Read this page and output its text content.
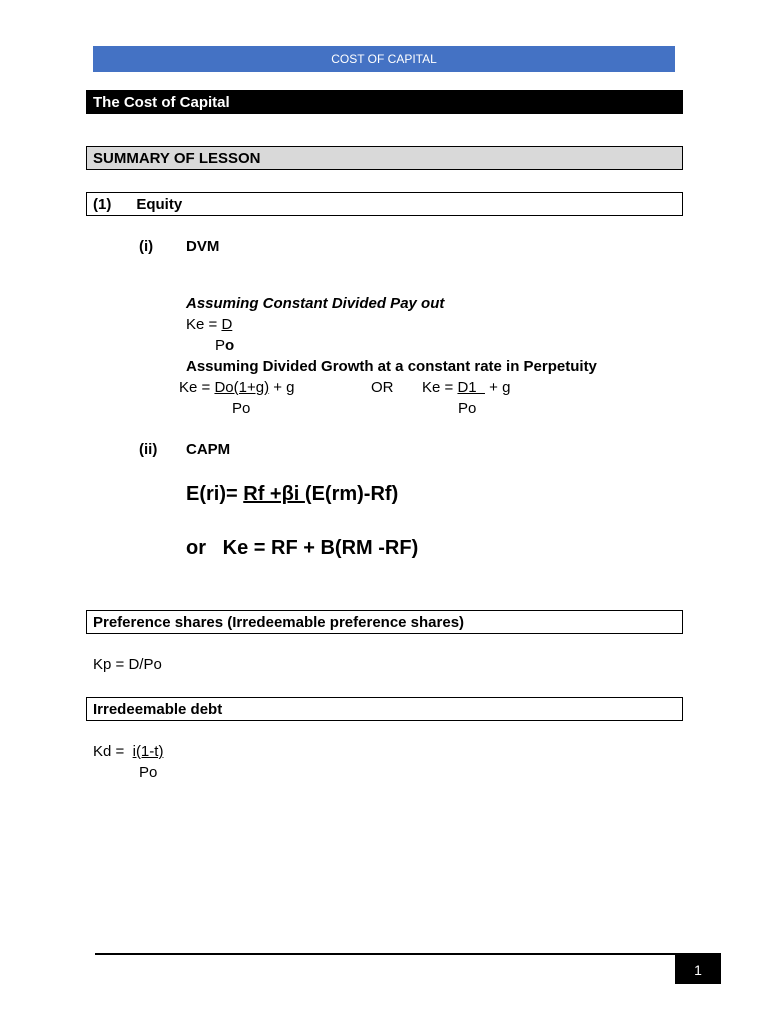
COST OF CAPITAL
The Cost of Capital
SUMMARY OF LESSON
(1) Equity
(i) DVM
Assuming Constant Divided Pay out
Ke = D
Po
Assuming Divided Growth at a constant rate in Perpetuity
Ke = Do(1+g) + g	OR Ke = D1   + g
Po	Po
(ii) CAPM
E(ri)= Rf +βi (E(rm)-Rf)
or   Ke = RF + B(RM -RF)
Preference shares (Irredeemable preference shares)
Kp = D/Po
Irredeemable debt
Kd =  i(1-t)
Po
1
